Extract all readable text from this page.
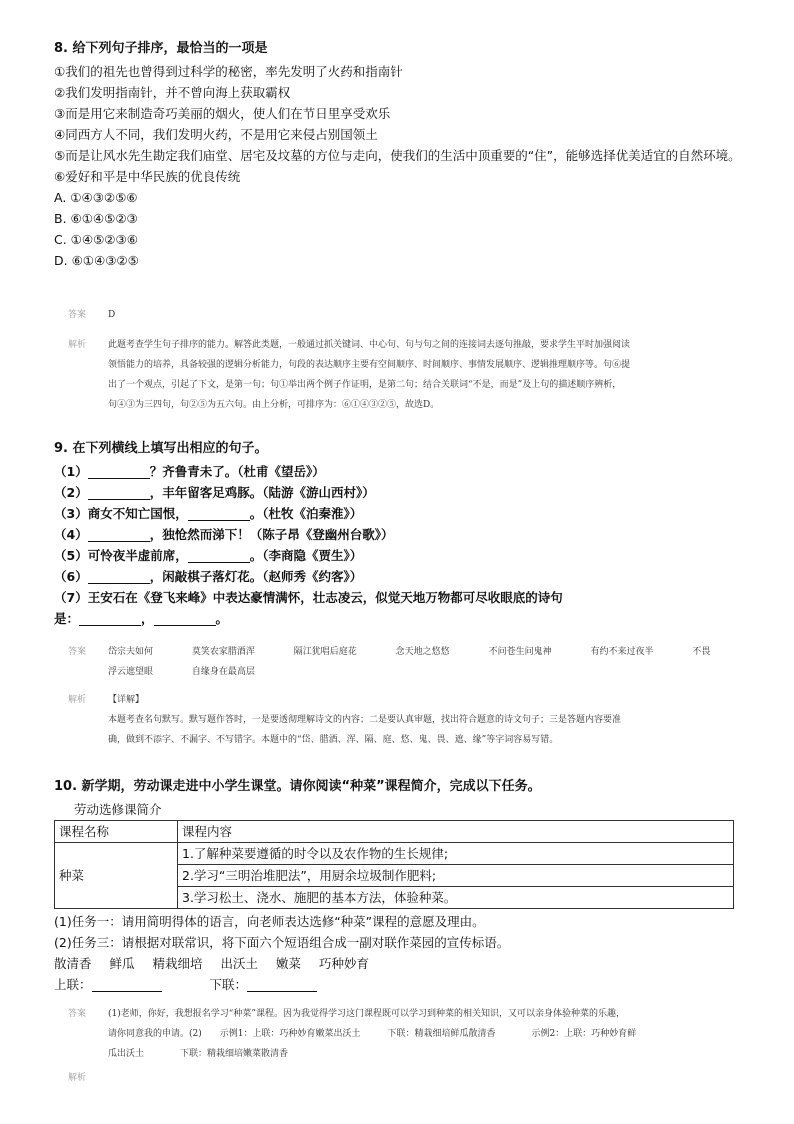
8. 给下列句子排序，最恰当的一项是
①我们的祖先也曾得到过科学的秘密，率先发明了火药和指南针
②我们发明指南针，并不曾向海上获取霸权
③而是用它来制造奇巧美丽的烟火，使人们在节日里享受欢乐
④同西方人不同，我们发明火药，不是用它来侵占别国领土
⑤而是让风水先生勘定我们庙堂、居宅及坟墓的方位与走向，使我们的生活中顶重要的“住”，能够选择优美适宜的自然环境。
⑥爱好和平是中华民族的优良传统
A. ①④③②⑤⑥
B. ⑥①④⑤②③
C. ①④⑤②③⑥
D. ⑥①④③②⑤
答案 D
解析 此题考查学生句子排序的能力。解答此类题，一般通过抓关键词、中心句、句与句之间的连接词去逐句推敲，要求学生平时加强阅读
领悟能力的培养，具备较强的逻辑分析能力，句段的表达顺序主要有空间顺序、时间顺序、事情发展顺序、逻辑推理顺序等。句⑥提
出了一个观点，引起了下文，是第一句；句①举出两个例子作证明，是第二句；结合关联词“不是，而是”及上句的描述顺序辨析，
句④③为三四句，句②⑤为五六句。由上分析，可排序为：⑥①④③②⑤，故选D。
9. 在下列横线上填写出相应的句子。
（1）	？齐鲁青未了。（杜甫《望岳》）
（2）	，丰年留客足鸡豚。（陆游《游山西村》）
（3）商女不知亡国恨，	。（杜牧《泊秦淮》）
（4）	，独怆然而涕下！（陈子昂《登幽州台歌》）
（5）可怜夜半虚前席，	。（李商隐《贾生》）
（6）	，闲敲棋子落灯花。（赵师秀《约客》）
（7）王安石在《登飞来峰》中表达豪情满怀，壮志凌云，似觉天地万物都可尽收眼底的诗句
是：	，	。
答案 岱宗夫如何	莫笑农家腊酒浑	隔江犹唱后庭花	念天地之悠悠	不问苍生问鬼神	有约不来过夜半	不畏
浮云遮望眼	自缘身在最高层
解析 【详解】
本题考查名句默写。默写题作答时，一是要透彻理解诗文的内容；二是要认真审题，找出符合题意的诗文句子；三是答题内容要准
确，做到不添字、不漏字、不写错字。本题中的“岱、腊酒、浑、隔、庭、悠、鬼、畏、遮、缘”等字词容易写错。
10. 新学期，劳动课走进中小学生课堂。请你阅读“种菜”课程简介，完成以下任务。
劳动选修课简介
课程名称	课程内容
种菜	1.了解种菜要遵循的时令以及农作物的生长规律;
2.学习“三明治堆肥法”，用厨余垃圾制作肥料;
3.学习松土、浇水、施肥的基本方法，体验种菜。
(1)任务一：请用简明得体的语言，向老师表达选修“种菜”课程的意愿及理由。
(2)任务三：请根据对联常识，将下面六个短语组合成一副对联作菜园的宣传标语。
散清香 鲜瓜 精栽细培 出沃土 嫩菜 巧种妙育
上联：	下联：
答案 (1)老师，你好，我想报名学习“种菜”课程。因为我觉得学习这门课程既可以学习到种菜的相关知识，又可以亲身体验种菜的乐趣，
请你同意我的申请。(2)　　示例1：上联：巧种妙育嫩菜出沃土　　　下联：精栽细培鲜瓜散清香　　　　示例2：上联：巧种妙育鲜
瓜出沃土　　　　下联：精栽细培嫩菜散清香
解析
